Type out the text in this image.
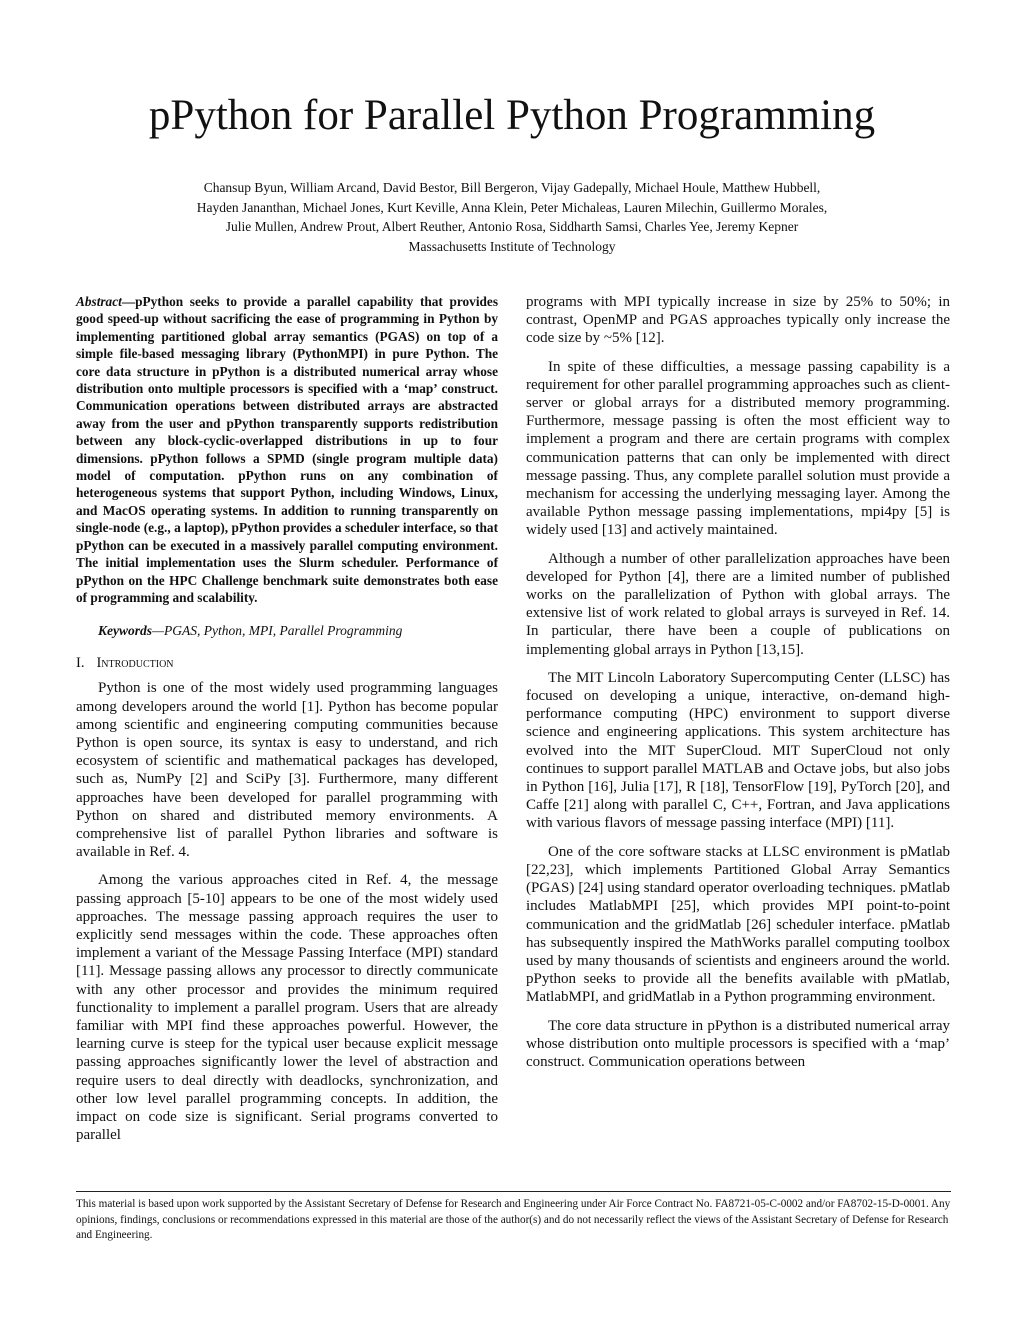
pPython for Parallel Python Programming
Chansup Byun, William Arcand, David Bestor, Bill Bergeron, Vijay Gadepally, Michael Houle, Matthew Hubbell,
Hayden Jananthan, Michael Jones, Kurt Keville, Anna Klein, Peter Michaleas, Lauren Milechin, Guillermo Morales,
Julie Mullen, Andrew Prout, Albert Reuther, Antonio Rosa, Siddharth Samsi, Charles Yee, Jeremy Kepner
Massachusetts Institute of Technology

Abstract—pPython seeks to provide a parallel capability that provides good speed-up without sacrificing the ease of programming in Python by implementing partitioned global array semantics (PGAS) on top of a simple file-based messaging library (PythonMPI) in pure Python. The core data structure in pPython is a distributed numerical array whose distribution onto multiple processors is specified with a ‘map’ construct. Communication operations between distributed arrays are abstracted away from the user and pPython transparently supports redistribution between any block-cyclic-overlapped distributions in up to four dimensions. pPython follows a SPMD (single program multiple data) model of computation. pPython runs on any combination of heterogeneous systems that support Python, including Windows, Linux, and MacOS operating systems. In addition to running transparently on single-node (e.g., a laptop), pPython provides a scheduler interface, so that pPython can be executed in a massively parallel computing environment. The initial implementation uses the Slurm scheduler. Performance of pPython on the HPC Challenge benchmark suite demonstrates both ease of programming and scalability.

Keywords—PGAS, Python, MPI, Parallel Programming

I. Introduction

Python is one of the most widely used programming languages among developers around the world [1]. Python has become popular among scientific and engineering computing communities because Python is open source, its syntax is easy to understand, and rich ecosystem of scientific and mathematical packages has developed, such as, NumPy [2] and SciPy [3]. Furthermore, many different approaches have been developed for parallel programming with Python on shared and distributed memory environments. A comprehensive list of parallel Python libraries and software is available in Ref. 4.

Among the various approaches cited in Ref. 4, the message passing approach [5-10] appears to be one of the most widely used approaches. The message passing approach requires the user to explicitly send messages within the code. These approaches often implement a variant of the Message Passing Interface (MPI) standard [11]. Message passing allows any processor to directly communicate with any other processor and provides the minimum required functionality to implement a parallel program. Users that are already familiar with MPI find these approaches powerful. However, the learning curve is steep for the typical user because explicit message passing approaches significantly lower the level of abstraction and require users to deal directly with deadlocks, synchronization, and other low level parallel programming concepts. In addition, the impact on code size is significant. Serial programs converted to parallel

programs with MPI typically increase in size by 25% to 50%; in contrast, OpenMP and PGAS approaches typically only increase the code size by ~5% [12].

In spite of these difficulties, a message passing capability is a requirement for other parallel programming approaches such as client-server or global arrays for a distributed memory programming. Furthermore, message passing is often the most efficient way to implement a program and there are certain programs with complex communication patterns that can only be implemented with direct message passing. Thus, any complete parallel solution must provide a mechanism for accessing the underlying messaging layer. Among the available Python message passing implementations, mpi4py [5] is widely used [13] and actively maintained.

Although a number of other parallelization approaches have been developed for Python [4], there are a limited number of published works on the parallelization of Python with global arrays. The extensive list of work related to global arrays is surveyed in Ref. 14. In particular, there have been a couple of publications on implementing global arrays in Python [13,15].

The MIT Lincoln Laboratory Supercomputing Center (LLSC) has focused on developing a unique, interactive, on-demand high-performance computing (HPC) environment to support diverse science and engineering applications. This system architecture has evolved into the MIT SuperCloud. MIT SuperCloud not only continues to support parallel MATLAB and Octave jobs, but also jobs in Python [16], Julia [17], R [18], TensorFlow [19], PyTorch [20], and Caffe [21] along with parallel C, C++, Fortran, and Java applications with various flavors of message passing interface (MPI) [11].

One of the core software stacks at LLSC environment is pMatlab [22,23], which implements Partitioned Global Array Semantics (PGAS) [24] using standard operator overloading techniques. pMatlab includes MatlabMPI [25], which provides MPI point-to-point communication and the gridMatlab [26] scheduler interface. pMatlab has subsequently inspired the MathWorks parallel computing toolbox used by many thousands of scientists and engineers around the world. pPython seeks to provide all the benefits available with pMatlab, MatlabMPI, and gridMatlab in a Python programming environment.

The core data structure in pPython is a distributed numerical array whose distribution onto multiple processors is specified with a ‘map’ construct. Communication operations between

This material is based upon work supported by the Assistant Secretary of Defense for Research and Engineering under Air Force Contract No. FA8721-05-C-0002 and/or FA8702-15-D-0001. Any opinions, findings, conclusions or recommendations expressed in this material are those of the author(s) and do not necessarily reflect the views of the Assistant Secretary of Defense for Research and Engineering.
